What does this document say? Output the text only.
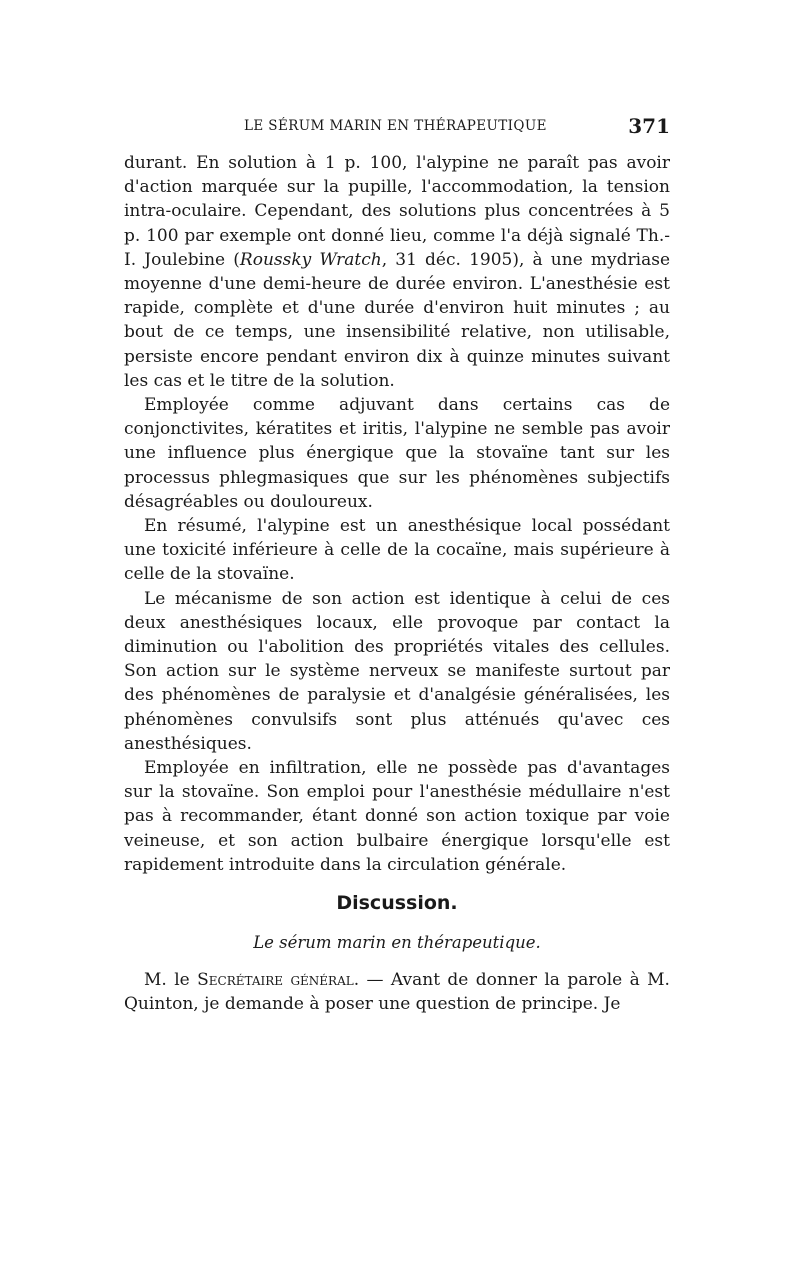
LE SÉRUM MARIN EN THÉRAPEUTIQUE	371

durant. En solution à 1 p. 100, l'alypine ne paraît pas avoir d'action marquée sur la pupille, l'accommodation, la tension intra-oculaire. Cependant, des solutions plus concentrées à 5 p. 100 par exemple ont donné lieu, comme l'a déjà signalé Th.-I. Joulebine (Roussky Wratch, 31 déc. 1905), à une mydriase moyenne d'une demi-heure de durée environ. L'anesthésie est rapide, complète et d'une durée d'environ huit minutes ; au bout de ce temps, une insensibilité relative, non utilisable, persiste encore pendant environ dix à quinze minutes suivant les cas et le titre de la solution.

Employée comme adjuvant dans certains cas de conjonctivites, kératites et iritis, l'alypine ne semble pas avoir une influence plus énergique que la stovaïne tant sur les processus phlegmasiques que sur les phénomènes subjectifs désagréables ou douloureux.

En résumé, l'alypine est un anesthésique local possédant une toxicité inférieure à celle de la cocaïne, mais supérieure à celle de la stovaïne.

Le mécanisme de son action est identique à celui de ces deux anesthésiques locaux, elle provoque par contact la diminution ou l'abolition des propriétés vitales des cellules. Son action sur le système nerveux se manifeste surtout par des phénomènes de paralysie et d'analgésie généralisées, les phénomènes convulsifs sont plus atténués qu'avec ces anesthésiques.

Employée en infiltration, elle ne possède pas d'avantages sur la stovaïne. Son emploi pour l'anesthésie médullaire n'est pas à recommander, étant donné son action toxique par voie veineuse, et son action bulbaire énergique lorsqu'elle est rapidement introduite dans la circulation générale.

Discussion.
Le sérum marin en thérapeutique.

M. le Secrétaire général. — Avant de donner la parole à M. Quinton, je demande à poser une question de principe. Je
